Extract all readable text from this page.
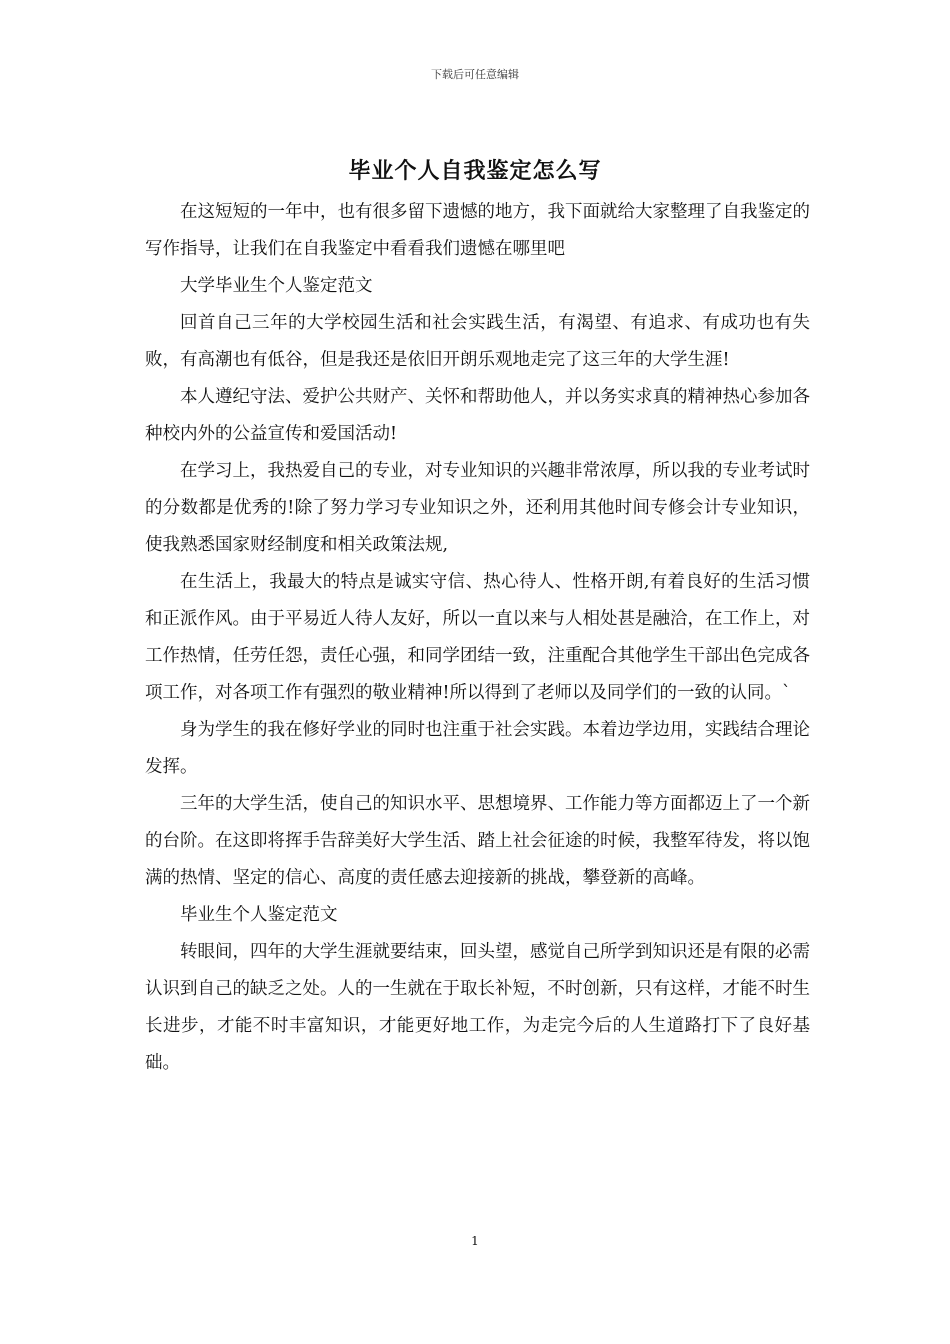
下载后可任意编辑
毕业个人自我鉴定怎么写

在这短短的一年中，也有很多留下遗憾的地方，我下面就给大家整理了自我鉴定的写作指导，让我们在自我鉴定中看看我们遗憾在哪里吧

大学毕业生个人鉴定范文

回首自己三年的大学校园生活和社会实践生活，有渴望、有追求、有成功也有失败，有高潮也有低谷，但是我还是依旧开朗乐观地走完了这三年的大学生涯!

本人遵纪守法、爱护公共财产、关怀和帮助他人，并以务实求真的精神热心参加各种校内外的公益宣传和爱国活动!

在学习上，我热爱自己的专业，对专业知识的兴趣非常浓厚，所以我的专业考试时的分数都是优秀的!除了努力学习专业知识之外，还利用其他时间专修会计专业知识，使我熟悉国家财经制度和相关政策法规,

在生活上，我最大的特点是诚实守信、热心待人、性格开朗,有着良好的生活习惯和正派作风。由于平易近人待人友好，所以一直以来与人相处甚是融洽，在工作上，对工作热情，任劳任怨，责任心强，和同学团结一致，注重配合其他学生干部出色完成各项工作，对各项工作有强烈的敬业精神!所以得到了老师以及同学们的一致的认同。`

身为学生的我在修好学业的同时也注重于社会实践。本着边学边用，实践结合理论发挥。

三年的大学生活，使自己的知识水平、思想境界、工作能力等方面都迈上了一个新的台阶。在这即将挥手告辞美好大学生活、踏上社会征途的时候，我整军待发，将以饱满的热情、坚定的信心、高度的责任感去迎接新的挑战，攀登新的高峰。

毕业生个人鉴定范文

转眼间，四年的大学生涯就要结束，回头望，感觉自己所学到知识还是有限的必需认识到自己的缺乏之处。人的一生就在于取长补短，不时创新，只有这样，才能不时生长进步，才能不时丰富知识，才能更好地工作，为走完今后的人生道路打下了良好基础。

1
